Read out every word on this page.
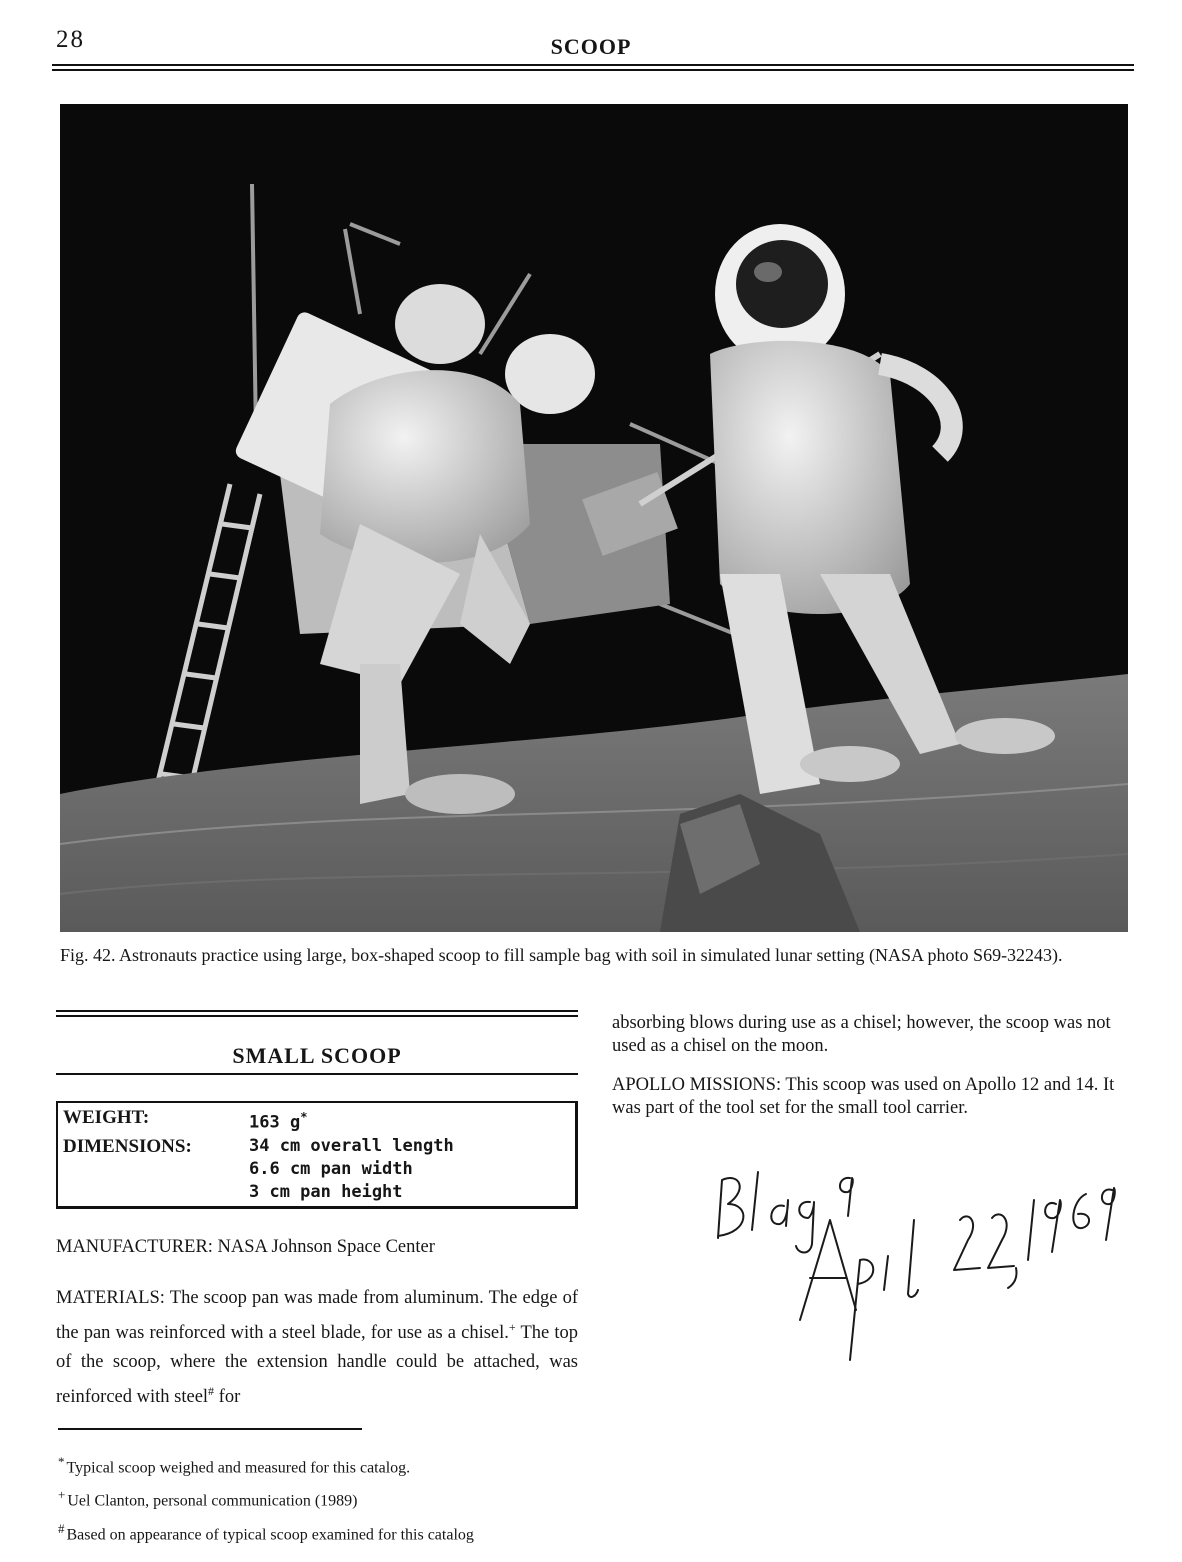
28	SCOOP
Fig. 42. Astronauts practice using large, box-shaped scoop to fill sample bag with soil in simulated lunar setting (NASA photo S69-32243).
SMALL SCOOP
WEIGHT:	163 g*
DIMENSIONS:	34 cm overall length
6.6 cm pan width
3 cm pan height

MANUFACTURER: NASA Johnson Space Center

MATERIALS: The scoop pan was made from aluminum. The edge of the pan was reinforced with a steel blade, for use as a chisel.+ The top of the scoop, where the extension handle could be attached, was reinforced with steel# for

absorbing blows during use as a chisel; however, the scoop was not used as a chisel on the moon.

APOLLO MISSIONS: This scoop was used on Apollo 12 and 14. It was part of the tool set for the small tool carrier.

* Typical scoop weighed and measured for this catalog.
+ Uel Clanton, personal communication (1989)
# Based on appearance of typical scoop examined for this catalog
